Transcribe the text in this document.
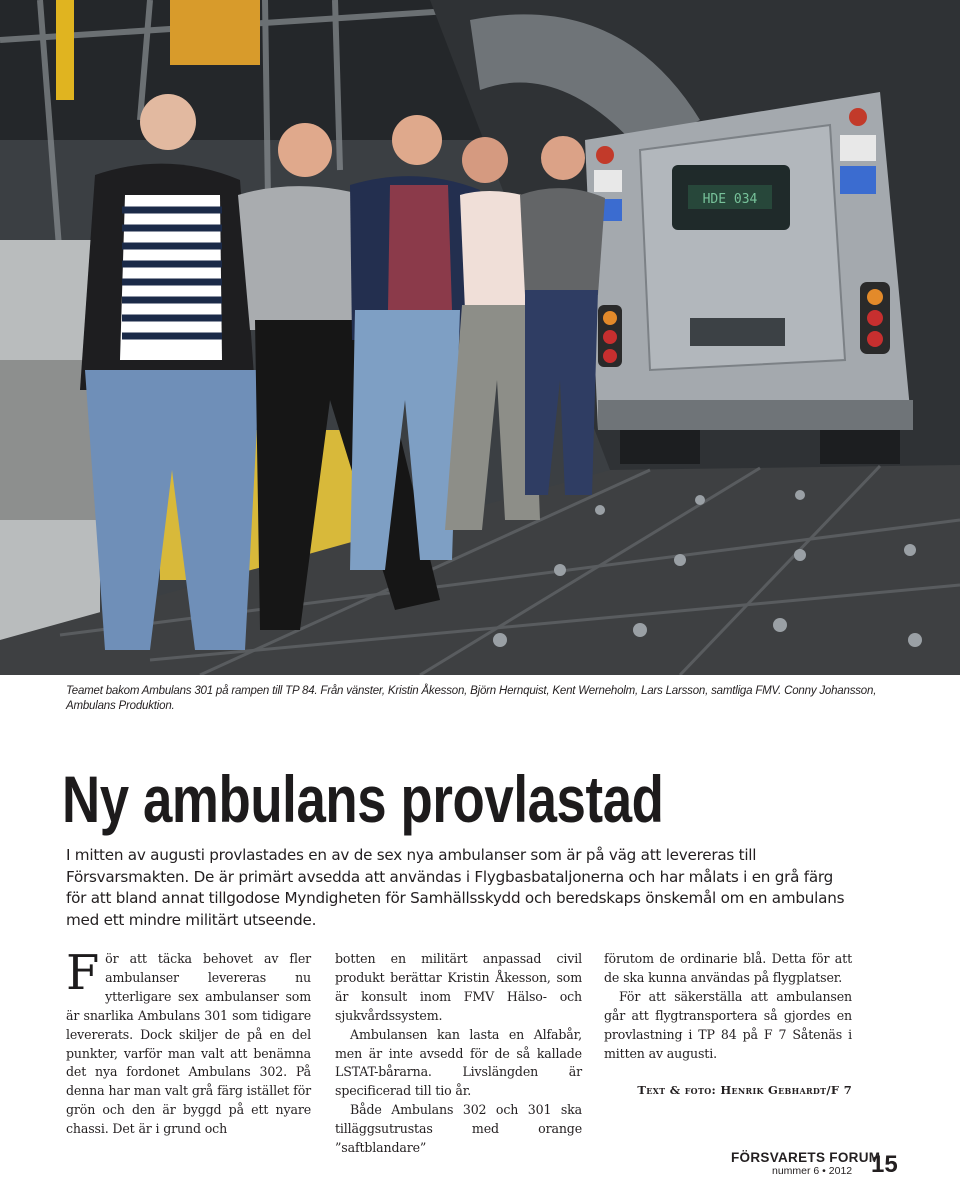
HDE 034
Teamet bakom Ambulans 301 på rampen till TP 84. Från vänster, Kristin Åkesson, Björn Hernquist, Kent Werneholm, Lars Larsson, samtliga FMV. Conny Johansson, Ambulans Produktion.
Ny ambulans provlastad
I mitten av augusti provlastades en av de sex nya ambulanser som är på väg att levereras till Försvarsmakten. De är primärt avsedda att användas i Flygbasbataljonerna och har målats i en grå färg för att bland annat tillgodose Myndigheten för Samhällsskydd och beredskaps önskemål om en ambulans med ett mindre militärt utseende.

För att täcka behovet av fler ambulanser levereras nu ytterligare sex ambulanser som är snarlika Ambulans 301 som tidigare levererats. Dock skiljer de på en del punkter, varför man valt att benämna det nya fordonet Ambulans 302. På denna har man valt grå färg istället för grön och den är byggd på ett nyare chassi. Det är i grund och

botten en militärt anpassad civil produkt berättar Kristin Åkesson, som är konsult inom FMV Hälso- och sjukvårdssystem.

Ambulansen kan lasta en Alfabår, men är inte avsedd för de så kallade LSTAT-bårarna. Livslängden är specificerad till tio år.

Både Ambulans 302 och 301 ska tilläggsutrustas med orange ”saftblandare”

förutom de ordinarie blå. Detta för att de ska kunna användas på flygplatser.

För att säkerställa att ambulansen går att flygtransportera så gjordes en provlastning i TP 84 på F 7 Såtenäs i mitten av augusti.

Text & foto: Henrik Gebhardt/F 7

FÖRSVARETS FORUM
nummer 6 • 2012 15
